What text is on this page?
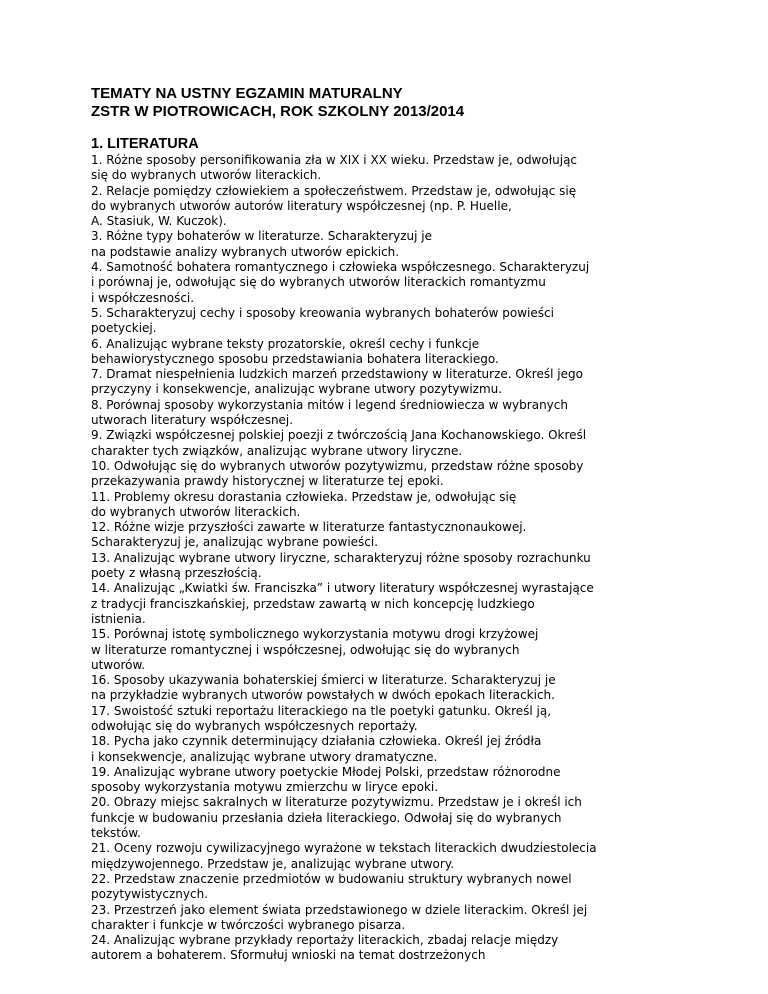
TEMATY NA USTNY EGZAMIN MATURALNY
ZSTR W PIOTROWICACH, ROK SZKOLNY 2013/2014
1. LITERATURA
1. Różne sposoby personifikowania zła w XIX i XX wieku. Przedstaw je, odwołując
się do wybranych utworów literackich.
2. Relacje pomiędzy człowiekiem a społeczeństwem. Przedstaw je, odwołując się
do wybranych utworów autorów literatury współczesnej (np. P. Huelle,
A. Stasiuk, W. Kuczok).
3. Różne typy bohaterów w literaturze. Scharakteryzuj je
na podstawie analizy wybranych utworów epickich.
4. Samotność bohatera romantycznego i człowieka współczesnego. Scharakteryzuj
i porównaj je, odwołując się do wybranych utworów literackich romantyzmu
i współczesności.
5. Scharakteryzuj cechy i sposoby kreowania wybranych bohaterów powieści
poetyckiej.
6. Analizując wybrane teksty prozatorskie, określ cechy i funkcje
behawiorystycznego sposobu przedstawiania bohatera literackiego.
7. Dramat niespełnienia ludzkich marzeń przedstawiony w literaturze. Określ jego
przyczyny i konsekwencje, analizując wybrane utwory pozytywizmu.
8. Porównaj sposoby wykorzystania mitów i legend średniowiecza w wybranych
utworach literatury współczesnej.
9. Związki współczesnej polskiej poezji z twórczością Jana Kochanowskiego. Określ
charakter tych związków, analizując wybrane utwory liryczne.
10. Odwołując się do wybranych utworów pozytywizmu, przedstaw różne sposoby
przekazywania prawdy historycznej w literaturze tej epoki.
11. Problemy okresu dorastania człowieka. Przedstaw je, odwołując się
do wybranych utworów literackich.
12. Różne wizje przyszłości zawarte w literaturze fantastycznonaukowej.
Scharakteryzuj je, analizując wybrane powieści.
13. Analizując wybrane utwory liryczne, scharakteryzuj różne sposoby rozrachunku
poety z własną przeszłością.
14. Analizując „Kwiatki św. Franciszka” i utwory literatury współczesnej wyrastające
z tradycji franciszkańskiej, przedstaw zawartą w nich koncepcję ludzkiego
istnienia.
15. Porównaj istotę symbolicznego wykorzystania motywu drogi krzyżowej
w literaturze romantycznej i współczesnej, odwołując się do wybranych
utworów.
16. Sposoby ukazywania bohaterskiej śmierci w literaturze. Scharakteryzuj je
na przykładzie wybranych utworów powstałych w dwóch epokach literackich.
17. Swoistość sztuki reportażu literackiego na tle poetyki gatunku. Określ ją,
odwołując się do wybranych współczesnych reportaży.
18. Pycha jako czynnik determinujący działania człowieka. Określ jej źródła
i konsekwencje, analizując wybrane utwory dramatyczne.
19. Analizując wybrane utwory poetyckie Młodej Polski, przedstaw różnorodne
sposoby wykorzystania motywu zmierzchu w liryce epoki.
20. Obrazy miejsc sakralnych w literaturze pozytywizmu. Przedstaw je i określ ich
funkcje w budowaniu przesłania dzieła literackiego. Odwołaj się do wybranych
tekstów.
21. Oceny rozwoju cywilizacyjnego wyrażone w tekstach literackich dwudziestolecia
międzywojennego. Przedstaw je, analizując wybrane utwory.
22. Przedstaw znaczenie przedmiotów w budowaniu struktury wybranych nowel
pozytywistycznych.
23. Przestrzeń jako element świata przedstawionego w dziele literackim. Określ jej
charakter i funkcje w twórczości wybranego pisarza.
24. Analizując wybrane przykłady reportaży literackich, zbadaj relacje między
autorem a bohaterem. Sformułuj wnioski na temat dostrzeżonych
